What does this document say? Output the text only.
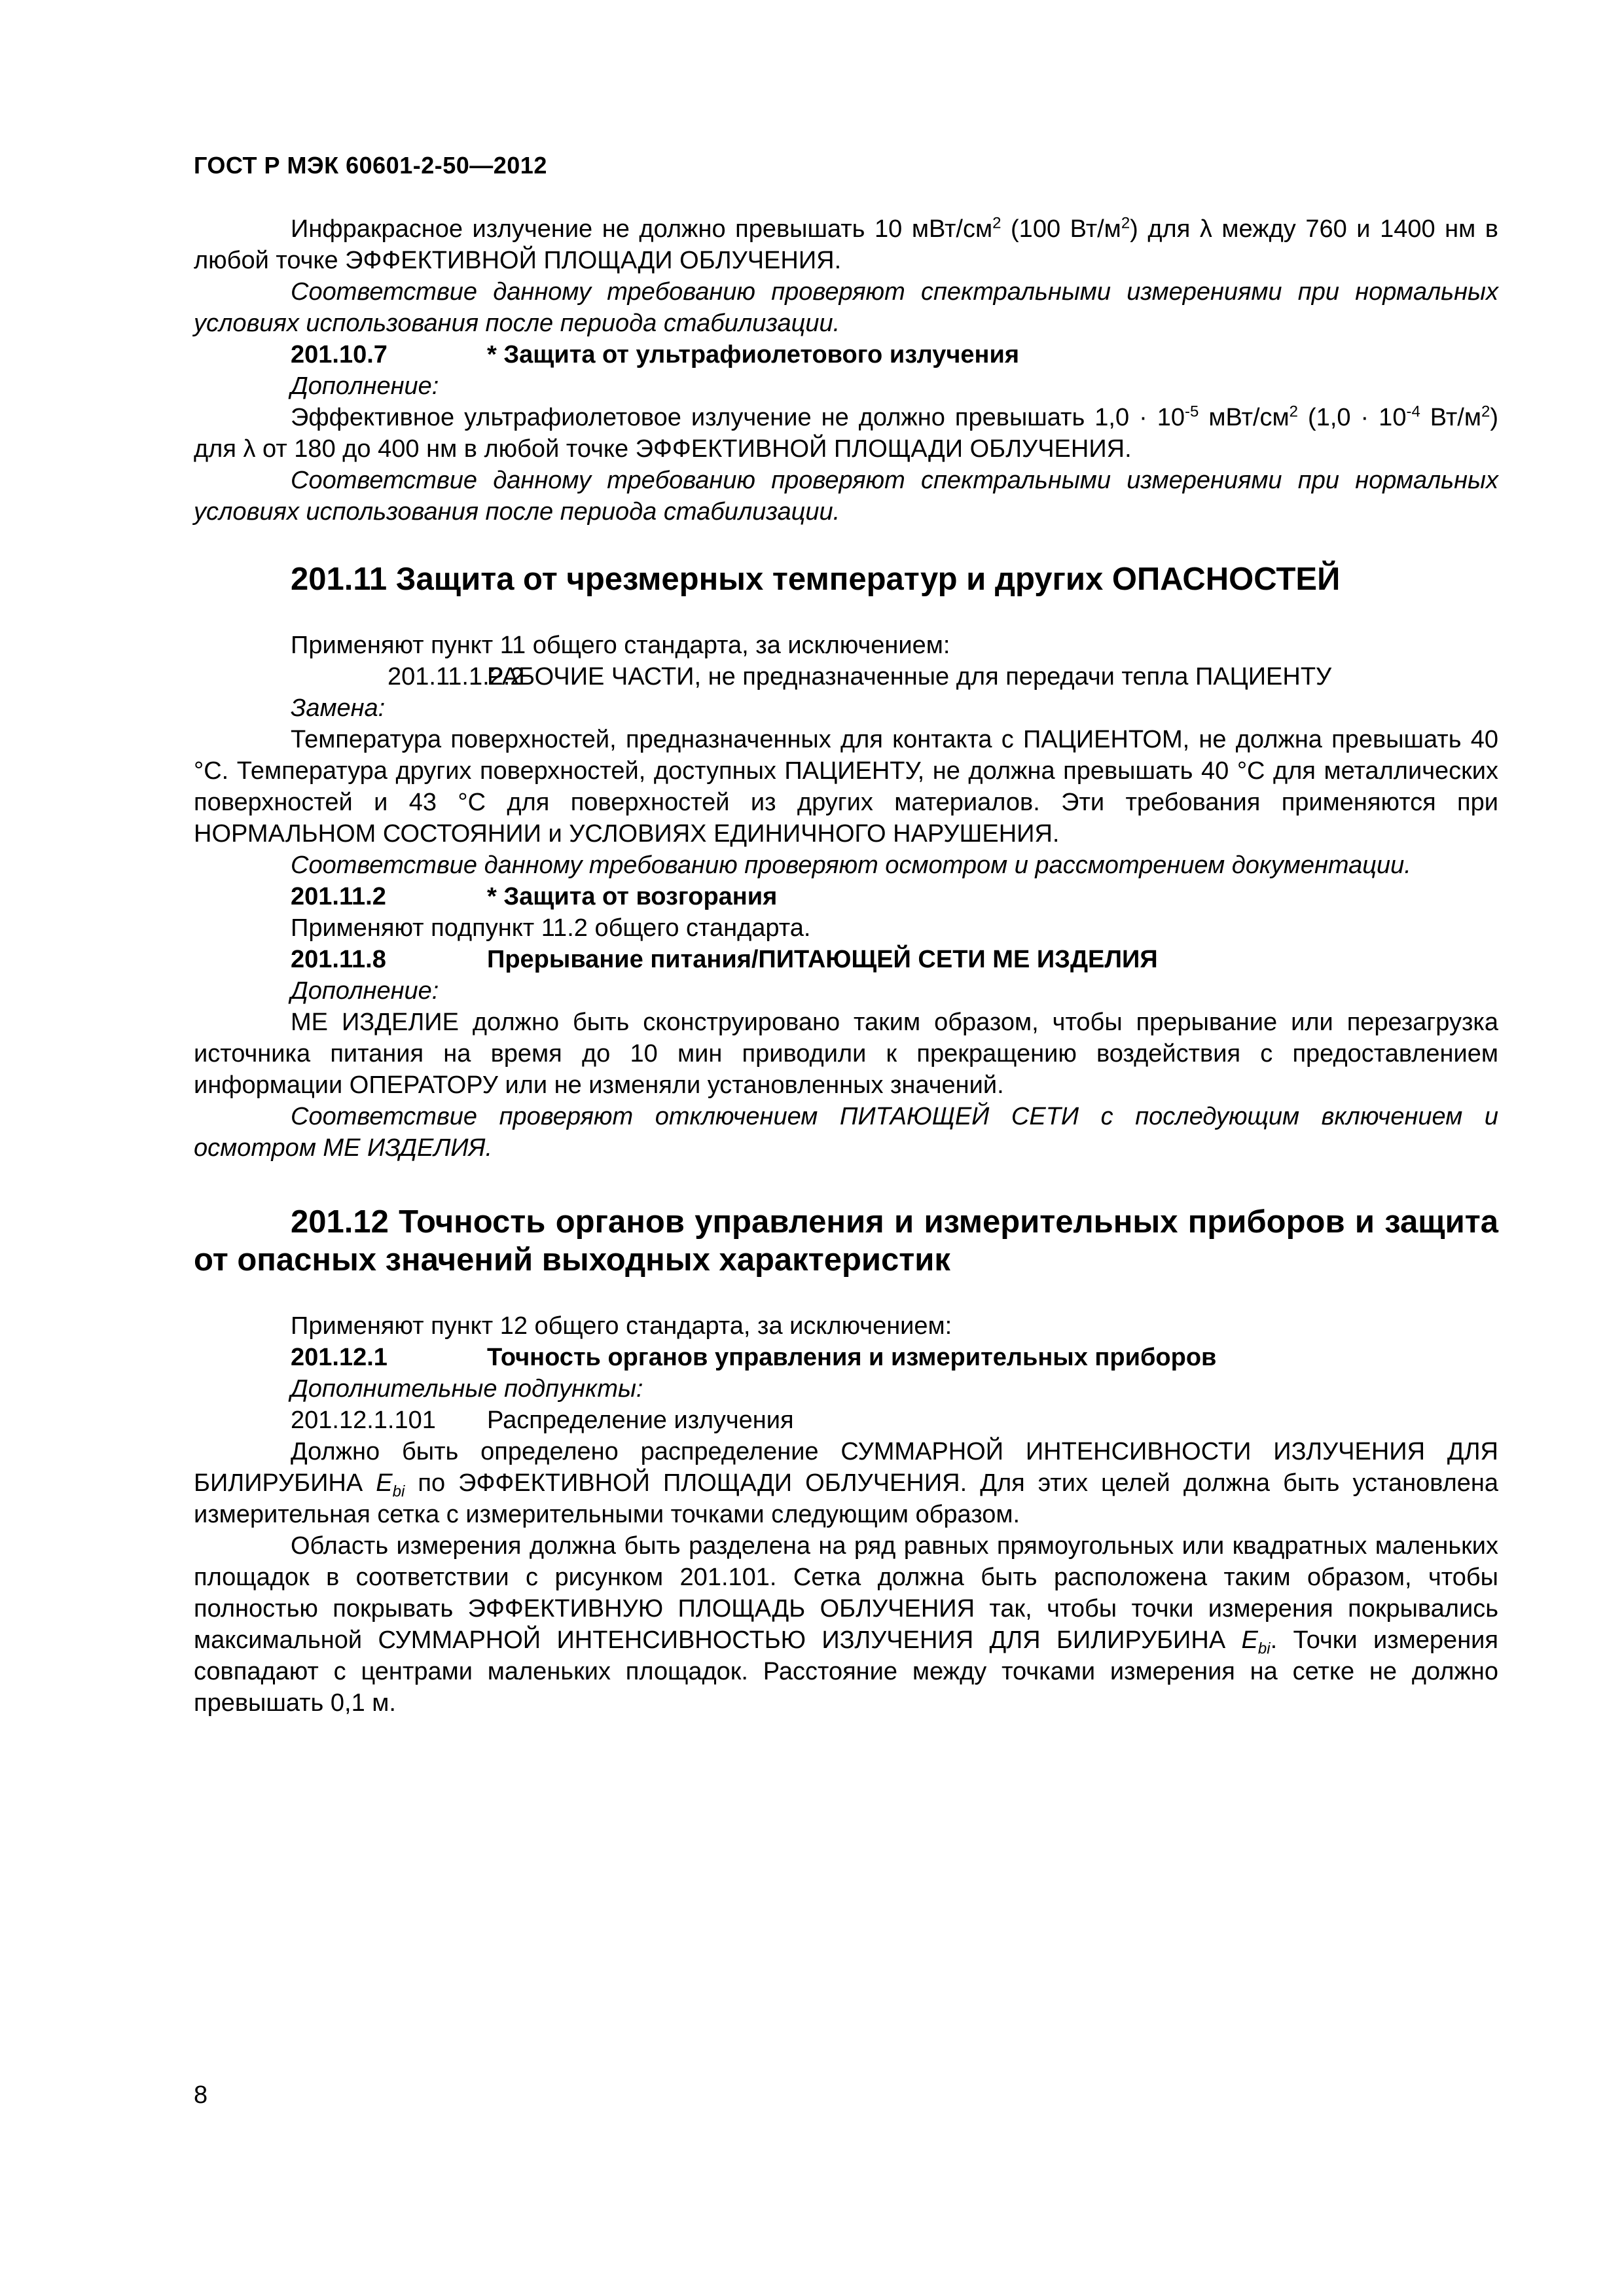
ГОСТ Р МЭК 60601-2-50—2012

Инфракрасное излучение не должно превышать 10 мВт/$см^2$ (100 $Вт/м^2$) для λ между 760 и 1400 нм в любой точке ЭФФЕКТИВНОЙ ПЛОЩАДИ ОБЛУЧЕНИЯ.

Соответствие данному требованию проверяют спектральными измерениями при нормальных условиях использования после периода стабилизации.

201.10.7	* Защита от ультрафиолетового излучения

Дополнение:

Эффективное ультрафиолетовое излучение не должно превышать $1,0 \cdot 10^{-5}$ мВт/$см^2$ ($1,0 \cdot 10^{-4}$ $Вт/м^2$) для λ от 180 до 400 нм в любой точке ЭФФЕКТИВНОЙ ПЛОЩАДИ ОБЛУЧЕНИЯ.

Соответствие данному требованию проверяют спектральными измерениями при нормальных условиях использования после периода стабилизации.

201.11 Защита от чрезмерных температур и других ОПАСНОСТЕЙ

Применяют пункт 11 общего стандарта, за исключением:

201.11.1.2.2РАБОЧИЕ ЧАСТИ, не предназначенные для передачи тепла ПАЦИЕНТУ

Замена:

Температура поверхностей, предназначенных для контакта с ПАЦИЕНТОМ, не должна превышать 40 °С. Температура других поверхностей, доступных ПАЦИЕНТУ, не должна превышать 40 °С для металлических поверхностей и 43 °С для поверхностей из других материалов. Эти требования применяются при НОРМАЛЬНОМ СОСТОЯНИИ и УСЛОВИЯХ ЕДИНИЧНОГО НАРУШЕНИЯ.

Соответствие данному требованию проверяют осмотром и рассмотрением документации.

201.11.2	* Защита от возгорания

Применяют подпункт 11.2 общего стандарта.

201.11.8	Прерывание питания/ПИТАЮЩЕЙ СЕТИ МЕ ИЗДЕЛИЯ

Дополнение:

МЕ ИЗДЕЛИЕ должно быть сконструировано таким образом, чтобы прерывание или перезагрузка источника питания на время до 10 мин приводили к прекращению воздействия с предоставлением информации ОПЕРАТОРУ или не изменяли установленных значений.

Соответствие проверяют отключением ПИТАЮЩЕЙ СЕТИ с последующим включением и осмотром МЕ ИЗДЕЛИЯ.

201.12 Точность органов управления и измерительных приборов и защита от опасных значений выходных характеристик

Применяют пункт 12 общего стандарта, за исключением:

201.12.1	Точность органов управления и измерительных приборов

Дополнительные подпункты:

201.12.1.101 Распределение излучения

Должно быть определено распределение СУММАРНОЙ ИНТЕНСИВНОСТИ ИЗЛУЧЕНИЯ ДЛЯ БИЛИРУБИНА $E_{bi}$ по ЭФФЕКТИВНОЙ ПЛОЩАДИ ОБЛУЧЕНИЯ. Для этих целей должна быть установлена измерительная сетка с измерительными точками следующим образом.

Область измерения должна быть разделена на ряд равных прямоугольных или квадратных маленьких площадок в соответствии с рисунком 201.101. Сетка должна быть расположена таким образом, чтобы полностью покрывать ЭФФЕКТИВНУЮ ПЛОЩАДЬ ОБЛУЧЕНИЯ так, чтобы точки измерения покрывались максимальной СУММАРНОЙ ИНТЕНСИВНОСТЬЮ ИЗЛУЧЕНИЯ ДЛЯ БИЛИРУБИНА $E_{bi}$. Точки измерения совпадают с центрами маленьких площадок. Расстояние между точками измерения на сетке не должно превышать 0,1 м.

8
